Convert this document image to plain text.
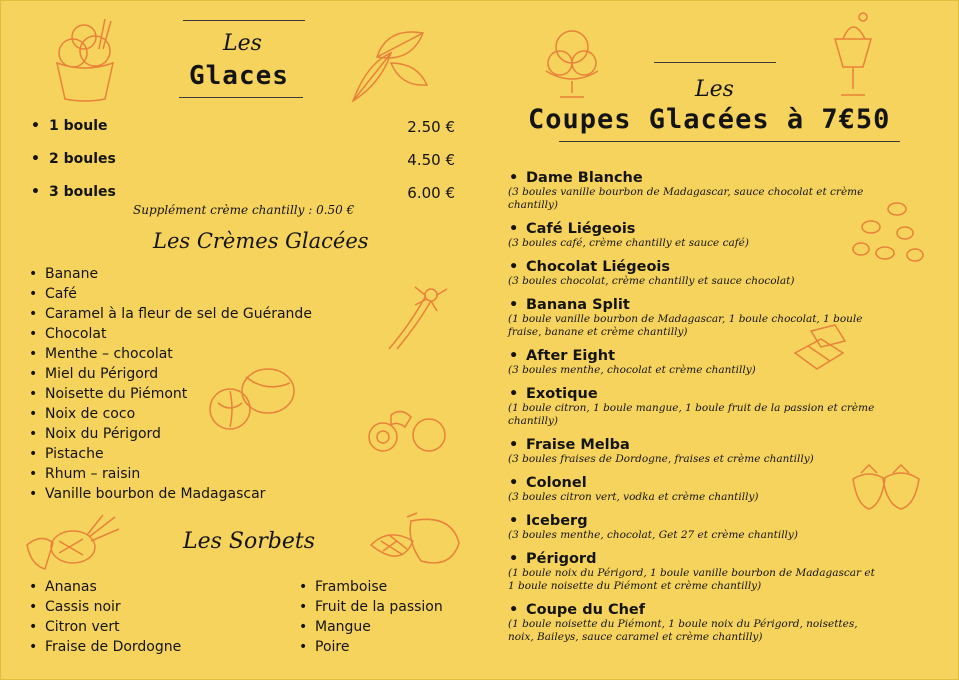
Les
Glaces
• 1 boule	2.50 €
• 2 boules	4.50 €
• 3 boules	6.00 €
Supplément crème chantilly : 0.50 €
Les Crèmes Glacées
• Banane
• Café
• Caramel à la fleur de sel de Guérande
• Chocolat
• Menthe – chocolat
• Miel du Périgord
• Noisette du Piémont
• Noix de coco
• Noix du Périgord
• Pistache
• Rhum – raisin
• Vanille bourbon de Madagascar
Les Sorbets
• Ananas
• Cassis noir
• Citron vert
• Fraise de Dordogne
• Framboise
• Fruit de la passion
• Mangue
• Poire
Les
Coupes Glacées à 7€50
• Dame Blanche
(3 boules vanille bourbon de Madagascar, sauce chocolat et crème chantilly)
• Café Liégeois
(3 boules café, crème chantilly et sauce café)
• Chocolat Liégeois
(3 boules chocolat, crème chantilly et sauce chocolat)
• Banana Split
(1 boule vanille bourbon de Madagascar, 1 boule chocolat, 1 boule fraise, banane et crème chantilly)
• After Eight
(3 boules menthe, chocolat et crème chantilly)
• Exotique
(1 boule citron, 1 boule mangue, 1 boule fruit de la passion et crème chantilly)
• Fraise Melba
(3 boules fraises de Dordogne, fraises et crème chantilly)
• Colonel
(3 boules citron vert, vodka et crème chantilly)
• Iceberg
(3 boules menthe, chocolat, Get 27 et crème chantilly)
• Périgord
(1 boule noix du Périgord, 1 boule vanille bourbon de Madagascar et 1 boule noisette du Piémont et crème chantilly)
• Coupe du Chef
(1 boule noisette du Piémont, 1 boule noix du Périgord, noisettes, noix, Baileys, sauce caramel et crème chantilly)
